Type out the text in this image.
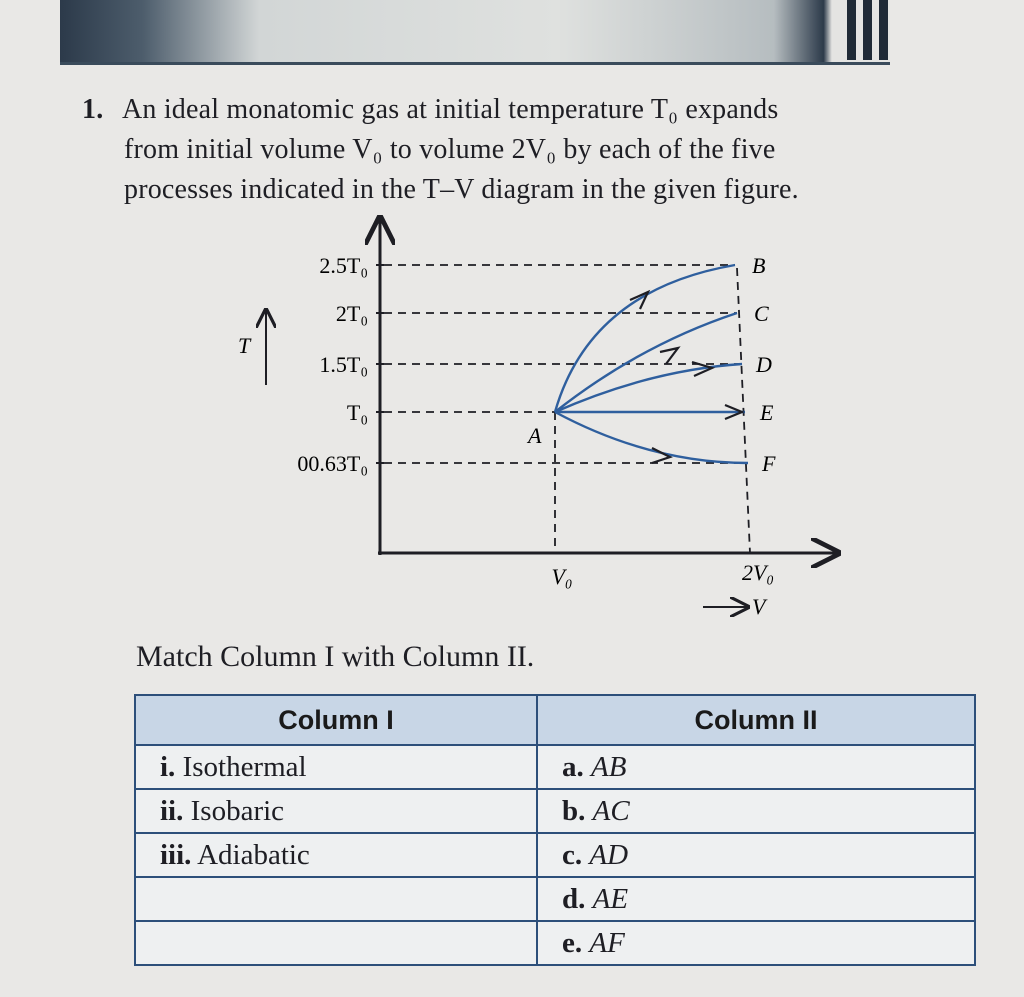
1. An ideal monatomic gas at initial temperature T₀ expands
from initial volume V₀ to volume 2V₀ by each of the five
processes indicated in the T–V diagram in the given figure.
T
V
2.5T₀
2T₀
1.5T₀
T₀
00.63T₀
V₀	2V₀
A
B
C
D
E
F
Match Column I with Column II.
Column I	Column II
i. Isothermal	a. AB
ii. Isobaric	b. AC
iii. Adiabatic	c. AD
	d. AE
	e. AF
